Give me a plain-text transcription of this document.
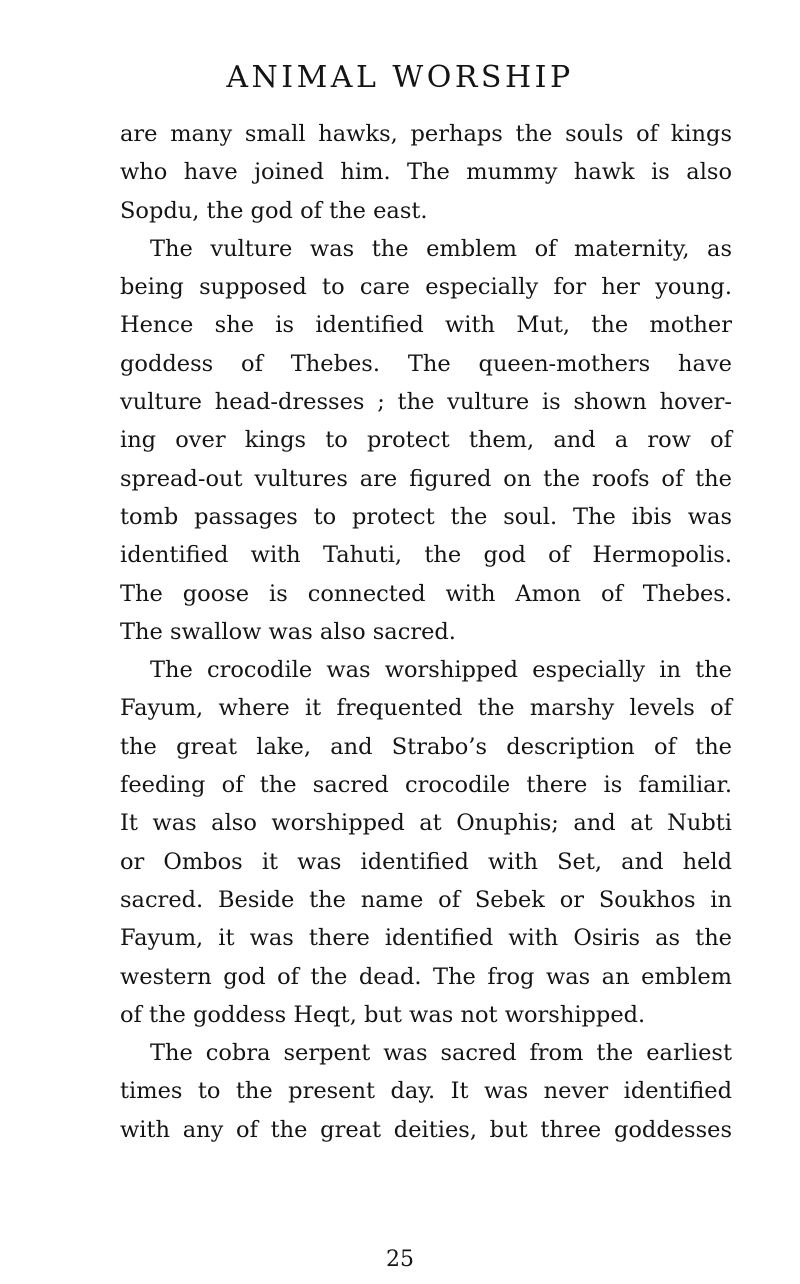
ANIMAL WORSHIP
are many small hawks, perhaps the souls of kings
who have joined him. The mummy hawk is also
Sopdu, the god of the east.
The vulture was the emblem of maternity, as
being supposed to care especially for her young.
Hence she is identified with Mut, the mother
goddess of Thebes. The queen-mothers have
vulture head-dresses ; the vulture is shown hover-
ing over kings to protect them, and a row of
spread-out vultures are figured on the roofs of the
tomb passages to protect the soul. The ibis was
identified with Tahuti, the god of Hermopolis.
The goose is connected with Amon of Thebes.
The swallow was also sacred.
The crocodile was worshipped especially in the
Fayum, where it frequented the marshy levels of
the great lake, and Strabo’s description of the
feeding of the sacred crocodile there is familiar.
It was also worshipped at Onuphis; and at Nubti
or Ombos it was identified with Set, and held
sacred. Beside the name of Sebek or Soukhos in
Fayum, it was there identified with Osiris as the
western god of the dead. The frog was an emblem
of the goddess Heqt, but was not worshipped.
The cobra serpent was sacred from the earliest
times to the present day. It was never identified
with any of the great deities, but three goddesses
25
